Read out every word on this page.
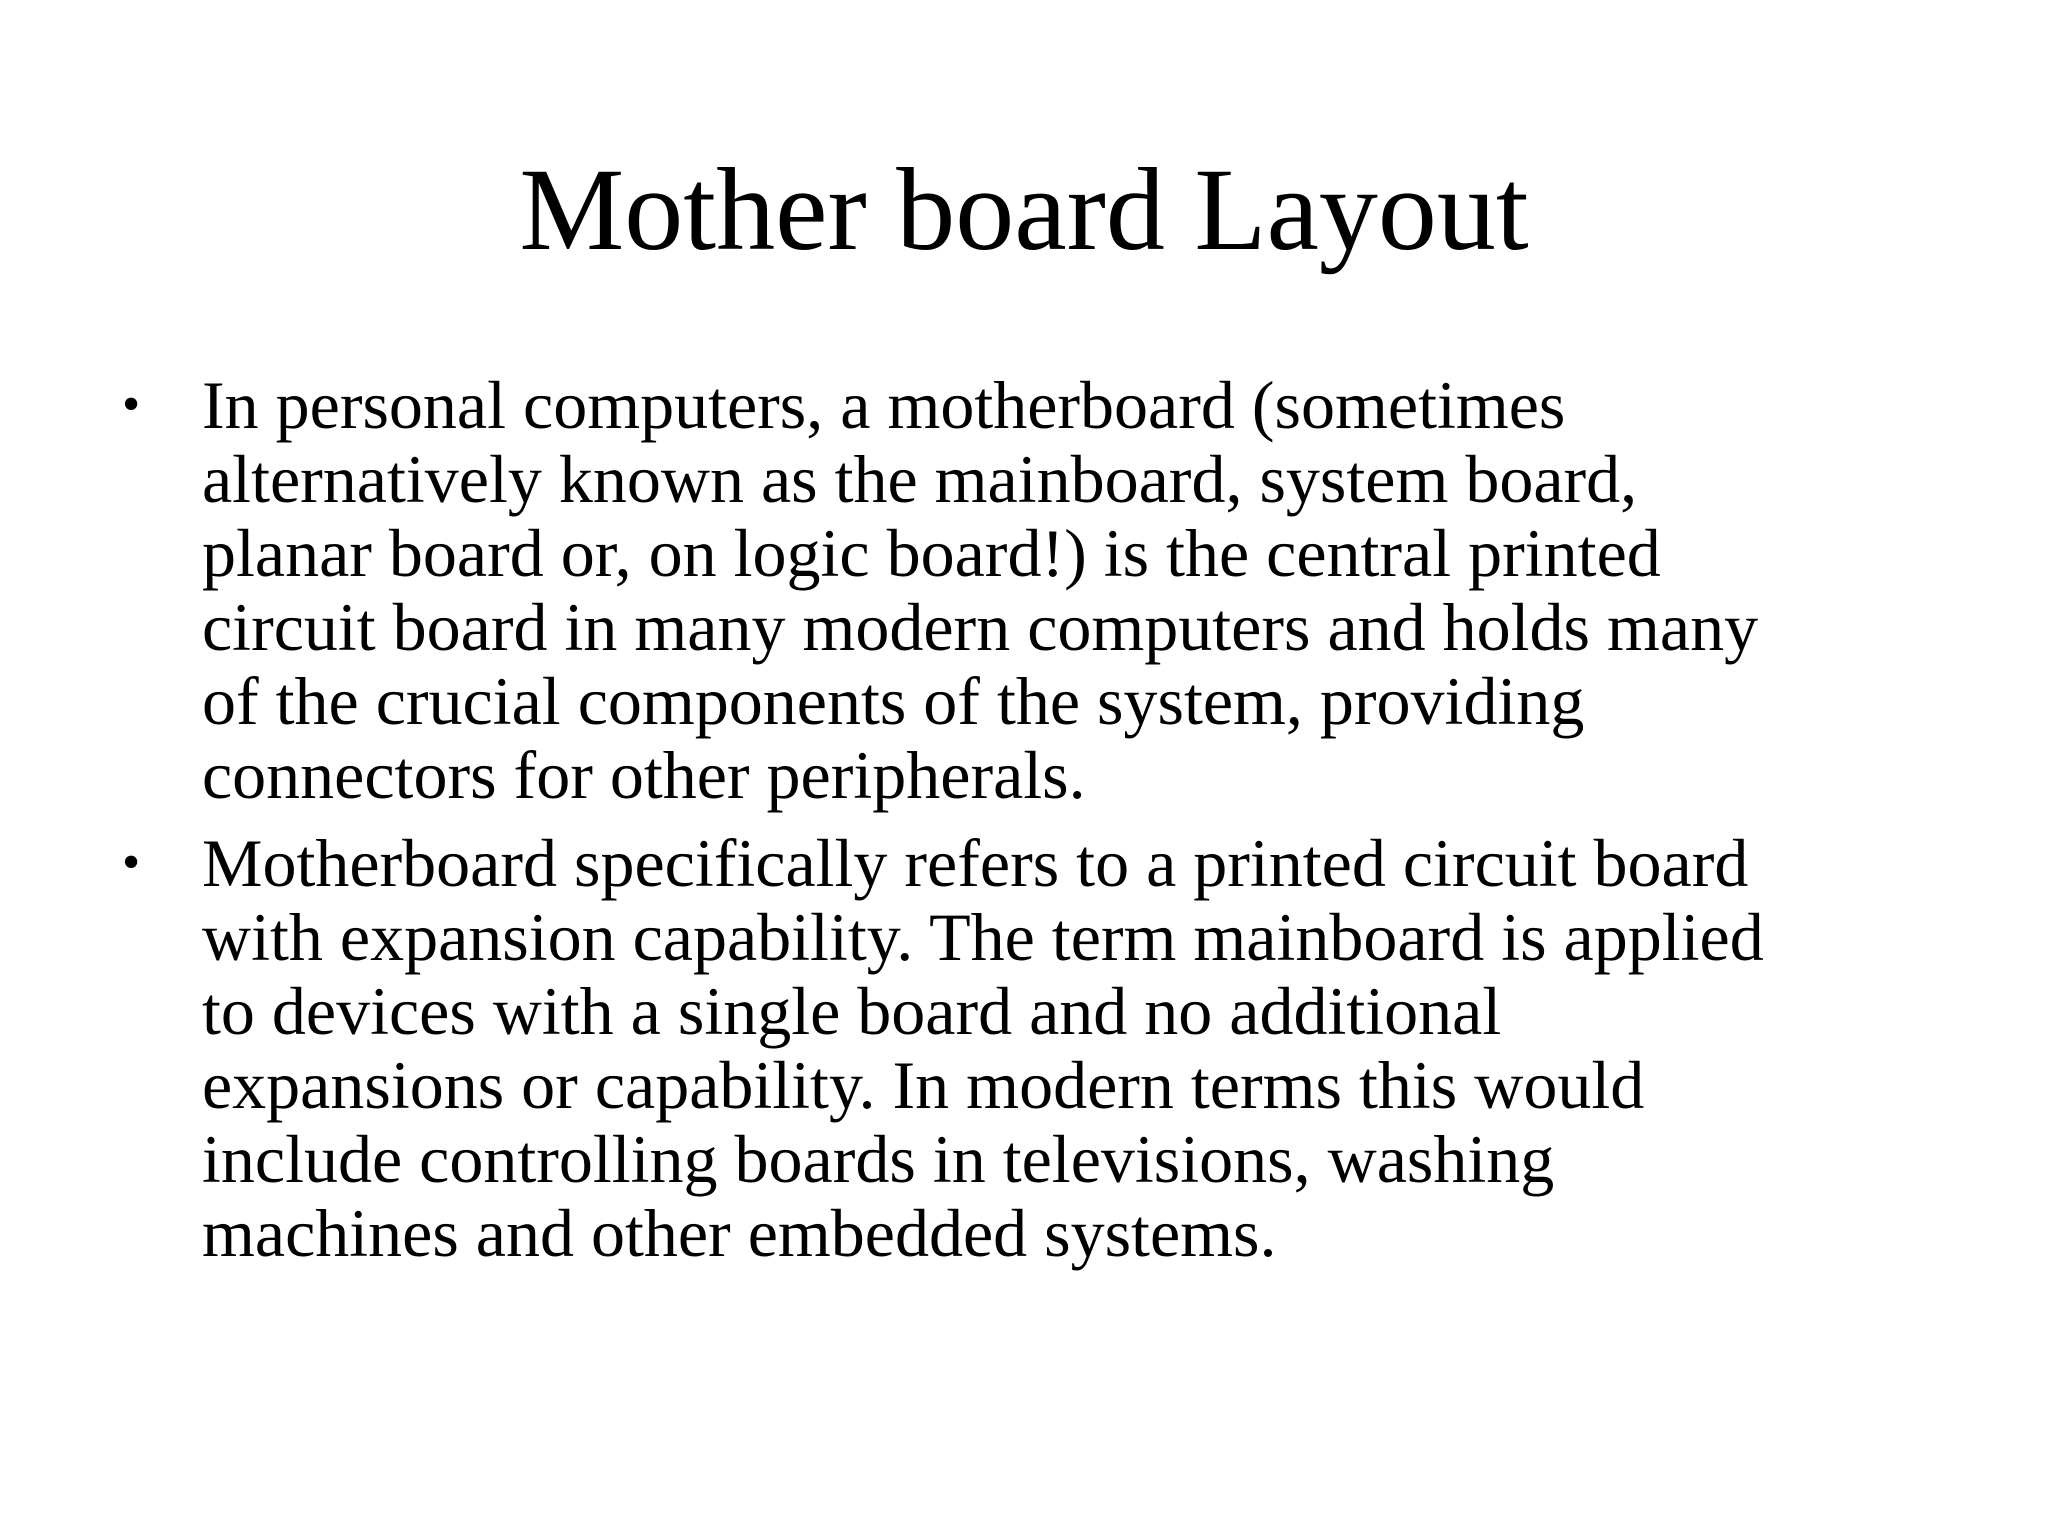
Mother board Layout
• In personal computers, a motherboard (sometimes
alternatively known as the mainboard, system board,
planar board or, on logic board!) is the central printed
circuit board in many modern computers and holds many
of the crucial components of the system, providing
connectors for other peripherals.
• Motherboard specifically refers to a printed circuit board
with expansion capability. The term mainboard is applied
to devices with a single board and no additional
expansions or capability. In modern terms this would
include controlling boards in televisions, washing
machines and other embedded systems.
